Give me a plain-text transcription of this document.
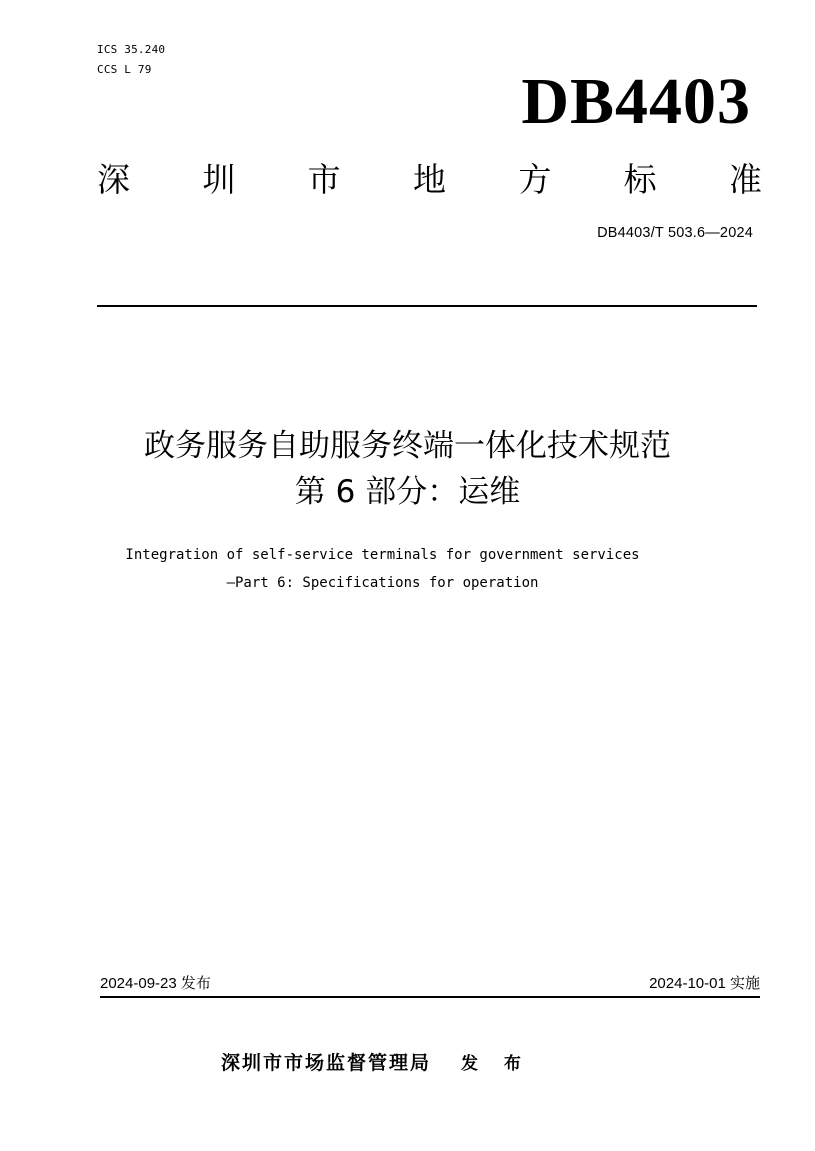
ICS 35.240
CCS L 79	DB4403
深 圳 市 地 方 标 准
DB4403/T 503.6—2024
政务服务自助服务终端一体化技术规范
第 6 部分：运维
Integration of self-service terminals for government services
—Part 6: Specifications for operation
2024-09-23 发布	2024-10-01 实施
深圳市市场监督管理局 发 布
